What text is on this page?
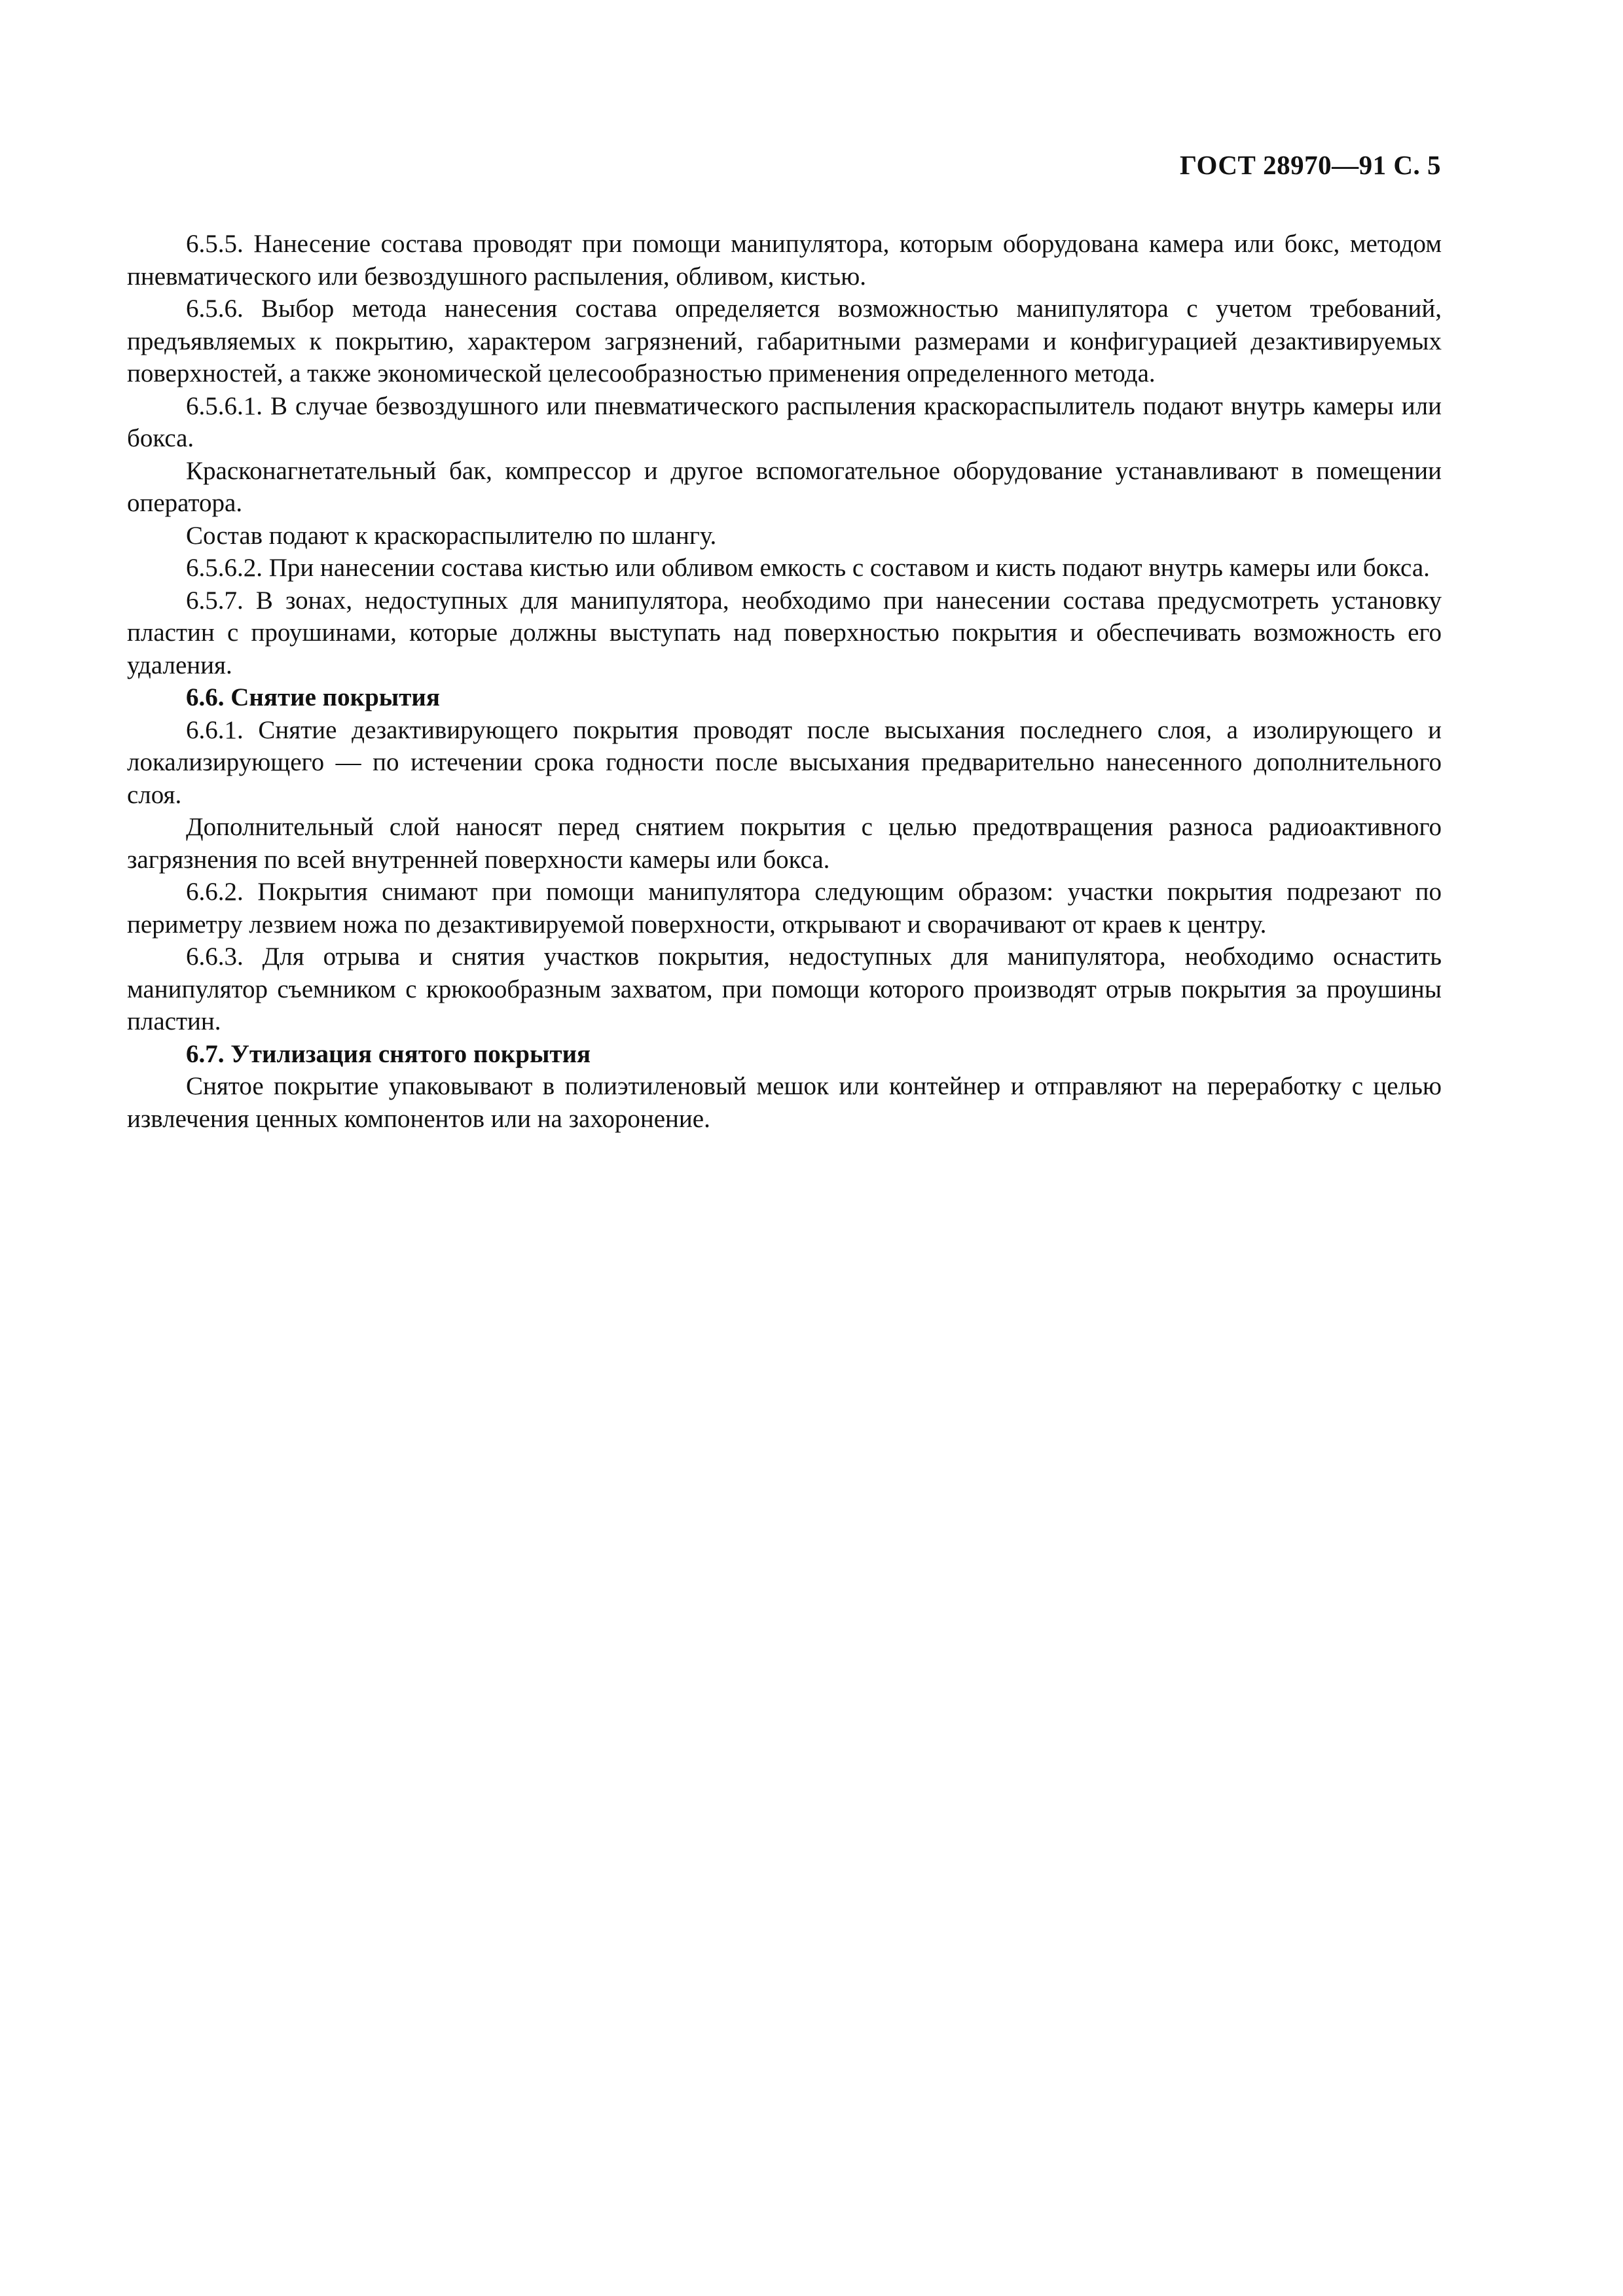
ГОСТ 28970—91 С. 5

6.5.5. Нанесение состава проводят при помощи манипулятора, которым оборудована камера или бокс, методом пневматического или безвоздушного распыления, обливом, кистью.

6.5.6. Выбор метода нанесения состава определяется возможностью манипулятора с учетом требований, предъявляемых к покрытию, характером загрязнений, габаритными размерами и конфигурацией дезактивируемых поверхностей, а также экономической целесообразностью применения определенного метода.

6.5.6.1. В случае безвоздушного или пневматического распыления краскораспылитель подают внутрь камеры или бокса.

Красконагнетательный бак, компрессор и другое вспомогательное оборудование устанавливают в помещении оператора.

Состав подают к краскораспылителю по шлангу.

6.5.6.2. При нанесении состава кистью или обливом емкость с составом и кисть подают внутрь камеры или бокса.

6.5.7. В зонах, недоступных для манипулятора, необходимо при нанесении состава предусмотреть установку пластин с проушинами, которые должны выступать над поверхностью покрытия и обеспечивать возможность его удаления.

6.6. Снятие покрытия

6.6.1. Снятие дезактивирующего покрытия проводят после высыхания последнего слоя, а изолирующего и локализирующего — по истечении срока годности после высыхания предварительно нанесенного дополнительного слоя.

Дополнительный слой наносят перед снятием покрытия с целью предотвращения разноса радиоактивного загрязнения по всей внутренней поверхности камеры или бокса.

6.6.2. Покрытия снимают при помощи манипулятора следующим образом: участки покрытия подрезают по периметру лезвием ножа по дезактивируемой поверхности, открывают и сворачивают от краев к центру.

6.6.3. Для отрыва и снятия участков покрытия, недоступных для манипулятора, необходимо оснастить манипулятор съемником с крюкообразным захватом, при помощи которого производят отрыв покрытия за проушины пластин.

6.7. Утилизация снятого покрытия

Снятое покрытие упаковывают в полиэтиленовый мешок или контейнер и отправляют на переработку с целью извлечения ценных компонентов или на захоронение.
